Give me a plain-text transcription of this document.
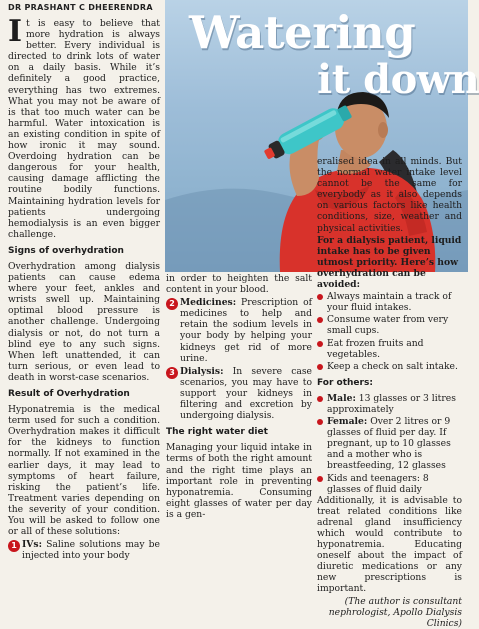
DR PRASHANT C DHEERENDRA Watering
it down

It is easy to believe that more hydration is always better. Every individual is directed to drink lots of water on a daily basis. While it’s definitely a good practice, everything has two extremes. What you may not be aware of is that too much water can be harmful. Water intoxication is an existing condition in spite of how ironic it may sound. Overdoing hydration can be dangerous for your health, causing damage afflicting the routine bodily functions. Maintaining hydration levels for patients undergoing hemodialysis is an even bigger challenge.

Signs of overhydration

Overhydration among dialysis patients can cause edema where your feet, ankles and wrists swell up. Maintaining optimal blood pressure is another challenge. Undergoing dialysis or not, do not turn a blind eye to any such signs. When left unattended, it can turn serious, or even lead to death in worst-case scenarios.

Result of Overhydration

Hyponatremia is the medical term used for such a condition. Overhydration makes it difficult for the kidneys to function normally. If not examined in the earlier days, it may lead to symptoms of heart failure, risking the patient’s life. Treatment varies depending on the severity of your condition. You will be asked to follow one or all of these solutions:

1 IVs: Saline solutions may be injected into your body

in order to heighten the salt content in your blood.

2 Medicines: Prescription of medicines to help and retain the sodium levels in your body by helping your kidneys get rid of more urine.
3 Dialysis: In severe case scenarios, you may have to support your kidneys in filtering and excretion by undergoing dialysis.
The right water diet

Managing your liquid intake in terms of both the right amount and the right time plays an important role in preventing hyponatremia. Consuming eight glasses of water per day is a gen-

eralised idea in all minds. But the normal water intake level cannot be the same for everybody as it also depends on various factors like health conditions, size, weather and physical activities.

For a dialysis patient, liquid intake has to be given utmost priority. Here’s how overhydration can be avoided:

Always maintain a track of your fluid intakes.
Consume water from very small cups.
Eat frozen fruits and vegetables.
Keep a check on salt intake.
For others:
Male: 13 glasses or 3 litres approximately
Female: Over 2 litres or 9 glasses of fluid per day. If pregnant, up to 10 glasses and a mother who is breastfeeding, 12 glasses
Kids and teenagers: 8 glasses of fluid daily

Additionally, it is advisable to treat related conditions like adrenal gland insufficiency which would contribute to hyponatremia. Educating oneself about the impact of diuretic medications or any new prescriptions is important.

(The author is consultant nephrologist, Apollo Dialysis Clinics)
